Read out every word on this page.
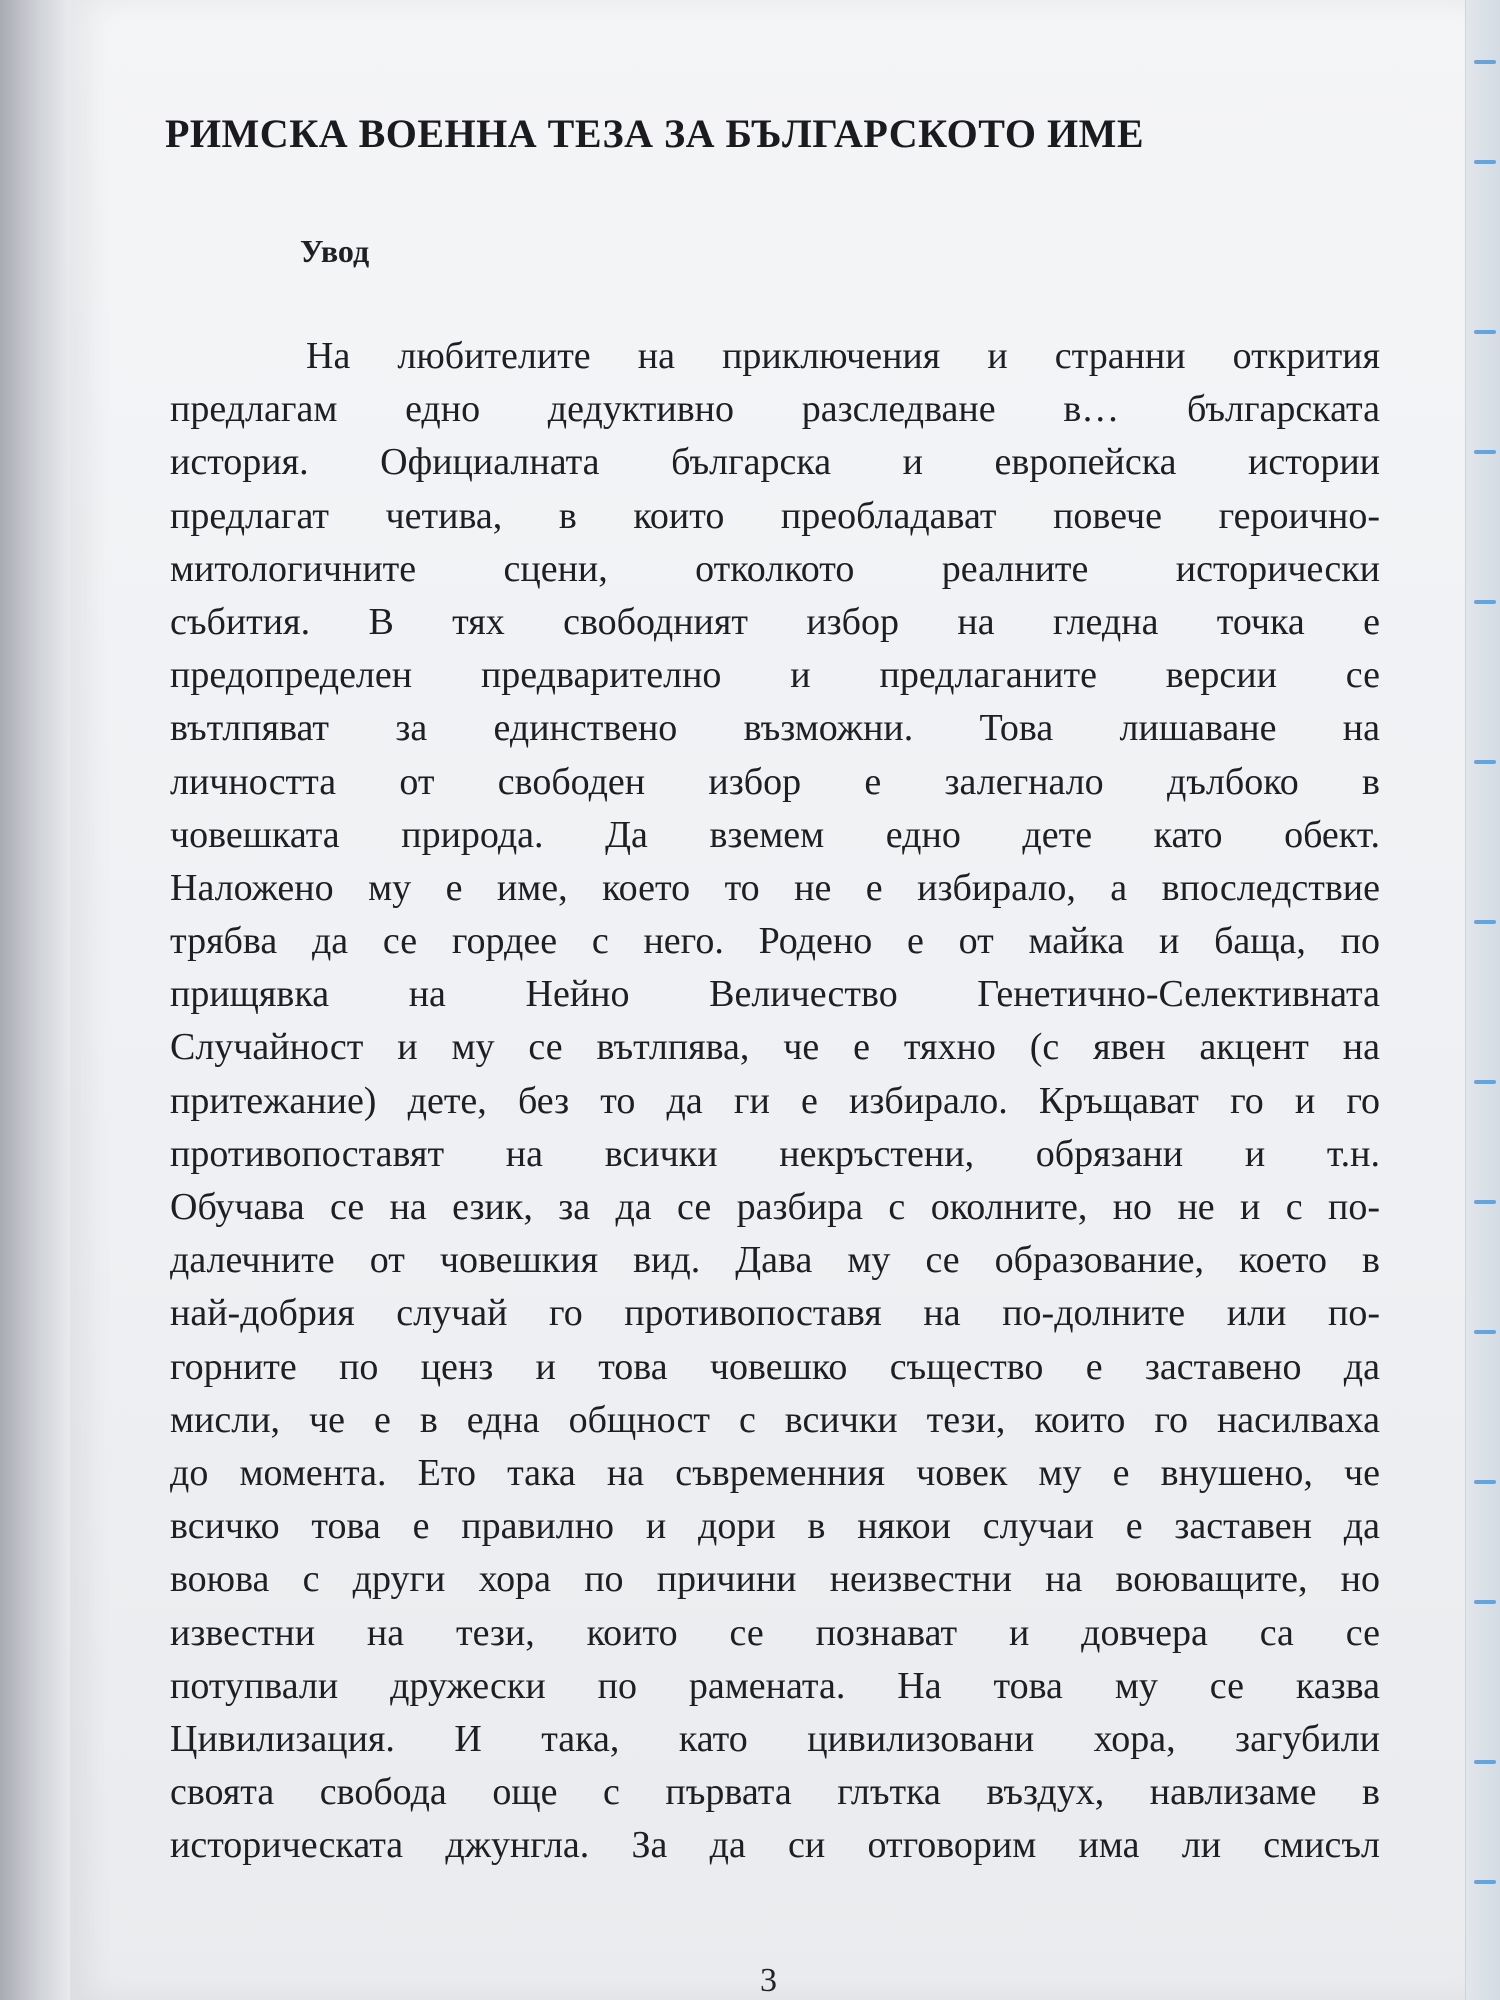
РИМСКА ВОЕННА ТЕЗА ЗА БЪЛГАРСКОТО ИМЕ
Увод
На любителите на приключения и странни открития
предлагам едно дедуктивно разследване в… българската
история. Официалната българска и европейска истории
предлагат четива, в които преобладават повече героично-
митологичните сцени, отколкото реалните исторически
събития. В тях свободният избор на гледна точка е
предопределен предварително и предлаганите версии се
вътлпяват за единствено възможни. Това лишаване на
личността от свободен избор е залегнало дълбоко в
човешката природа. Да вземем едно дете като обект.
Наложено му е име, което то не е избирало, а впоследствие
трябва да се гордее с него. Родено е от майка и баща, по
прищявка на Нейно Величество Генетично-Селективната
Случайност и му се вътлпява, че е тяхно (с явен акцент на
притежание) дете, без то да ги е избирало. Кръщават го и го
противопоставят на всички некръстени, обрязани и т.н.
Обучава се на език, за да се разбира с околните, но не и с по-
далечните от човешкия вид. Дава му се образование, което в
най-добрия случай го противопоставя на по-долните или по-
горните по ценз и това човешко същество е заставено да
мисли, че е в една общност с всички тези, които го насилваха
до момента. Ето така на съвременния човек му е внушено, че
всичко това е правилно и дори в някои случаи е заставен да
воюва с други хора по причини неизвестни на воюващите, но
известни на тези, които се познават и довчера са се
потупвали дружески по рамената. На това му се казва
Цивилизация. И така, като цивилизовани хора, загубили
своята свобода още с първата глътка въздух, навлизаме в
историческата джунгла. За да си отговорим има ли смисъл
3
